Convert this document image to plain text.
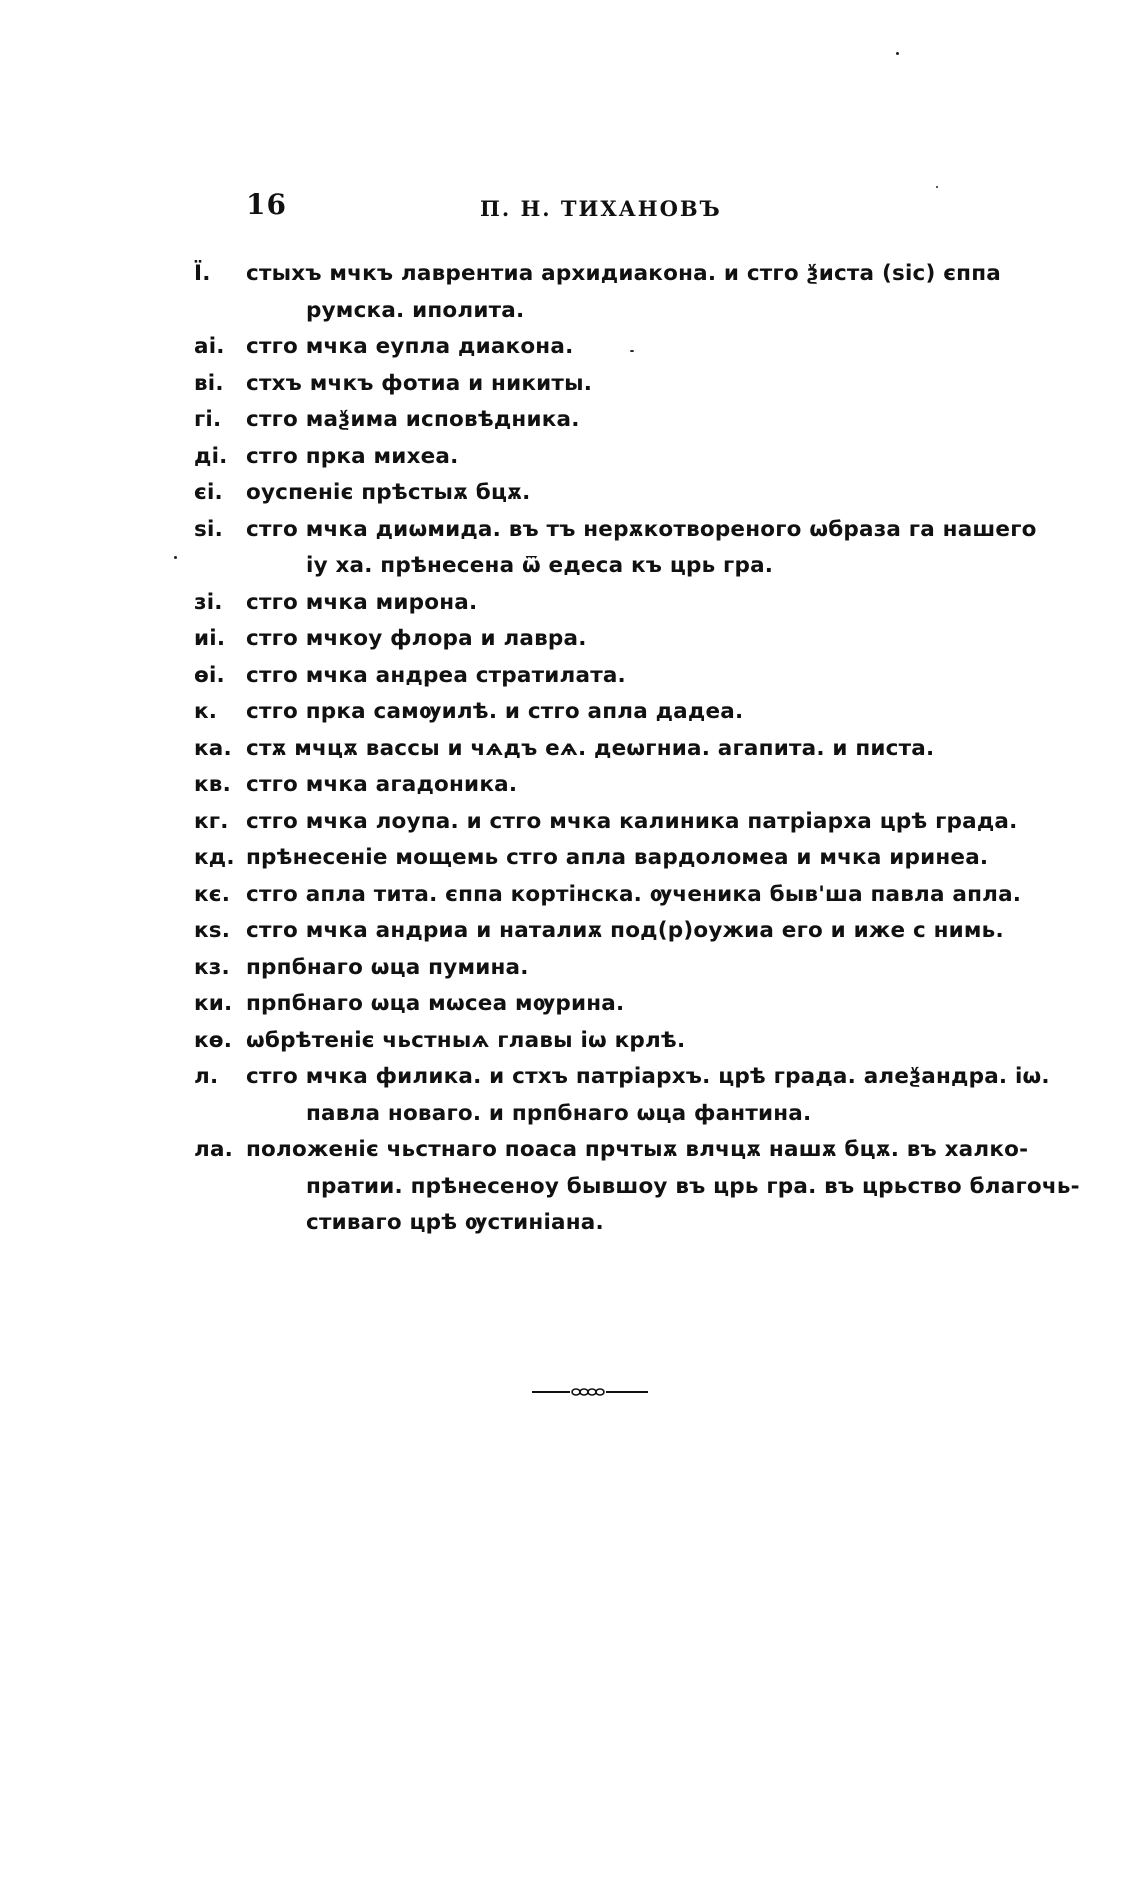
16	П. Н. ТИХАНОВЪ
Ї.	стыхъ мчкъ лаврентиа архидиакона. и стго ѯиста (sic) єппа
румска. иполита.
аі. стго мчка еупла диакона.
ві.	стхъ мчкъ фотиа и никиты.
гі.	стго маѯима исповѣдника.
ді. стго прка михеа.
єі.	оуспеніє прѣстыѫ бцѫ.
ѕі.	стго мчка диѡмида. въ тъ нерѫкотвореного ѡбраза га нашего
іу ха. прѣнесена ѿ едеса къ црь гра.
зі.	стго мчка мирона.
иі. стго мчкоу флора и лавра.
ѳі. стго мчка андреа стратилата.
к.	стго прка самѹилѣ. и стго апла дадеа.
ка. стѫ мчцѫ вассы и чѧдъ еѧ. деѡгниа. агапита. и писта.
кв. стго мчка агадоника.
кг. стго мчка лоупа. и стго мчка калиника патріарха црѣ града.
кд. прѣнесеніе мощемь стго апла вардоломеа и мчка иринеа.
кє. стго апла тита. єппа кортінска. ѹченика быв'ша павла апла.
кѕ. стго мчка андриа и наталиѫ под(р)оужиа его и иже с нимь.
кз. прпбнаго ѡца пумина.
ки. прпбнаго ѡца мѡсеа мѹрина.
кѳ. ѡбрѣтеніє чьстныѧ главы іѡ крлѣ.
л.	стго мчка филика. и стхъ патріархъ. црѣ града. алеѯандра. іѡ.
павла новаго. и прпбнаго ѡца фантина.
ла. положеніє чьстнаго поаса прчтыѫ влчцѫ нашѫ бцѫ. въ халко-
пратии. прѣнесеноу бывшоу въ црь гра. въ црьство благочь-
стиваго црѣ ѹстиніана.
